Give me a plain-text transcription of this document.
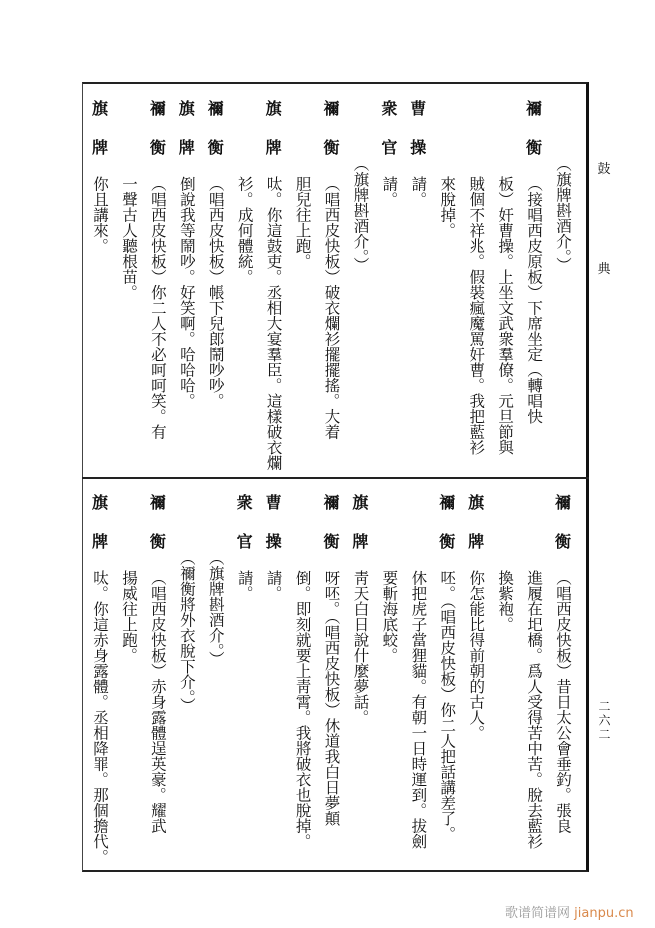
鼓
典
二六二
歌谱简谱网 jianpu.cn
（旗牌斟酒介。）
禰
衡
（接唱西皮原板）下席坐定（轉唱快
板）奸曹操。上坐文武衆羣僚。元旦節與
賊個不祥兆。假裝瘋魔罵奸曹。我把藍衫
來脫掉。
曹
操
請。
衆
官
請。
（旗牌斟酒介。）
禰
衡
（唱西皮快板）破衣爛衫擺擺搖。大着
胆兒往上跑。
旗
牌
呔。你這鼓吏。丞相大宴羣臣。這樣破衣爛
衫。成何體統。
禰
衡
（唱西皮快板）帳下兒郎鬧吵吵。
旗
牌
倒說我等鬧吵。好笑啊。哈哈哈。
禰
衡
（唱西皮快板）你二人不必呵呵笑。有
一聲古人聽根苗。
旗
牌
你且講來。
禰
衡
（唱西皮快板）昔日太公會垂釣。張良
進履在圯橋。爲人受得苦中苦。脫去藍衫
換紫袍。
旗
牌
你怎能比得前朝的古人。
禰
衡
呸。（唱西皮快板）你二人把話講差了。
休把虎子當狸貓。有朝一日時運到。拔劍
要斬海底蛟。
旗
牌
靑天白日說什麼夢話。
禰
衡
呀呸。（唱西皮快板）休道我白日夢顛
倒。即刻就要上靑霄。我將破衣也脫掉。
曹
操
請。
衆
官
請。
（旗牌斟酒介。）
（禰衡將外衣脫下介。）
禰
衡
（唱西皮快板）赤身露體逞英豪。耀武
揚威往上跑。
旗
牌
呔。你這赤身露體。丞相降罪。那個擔代。
